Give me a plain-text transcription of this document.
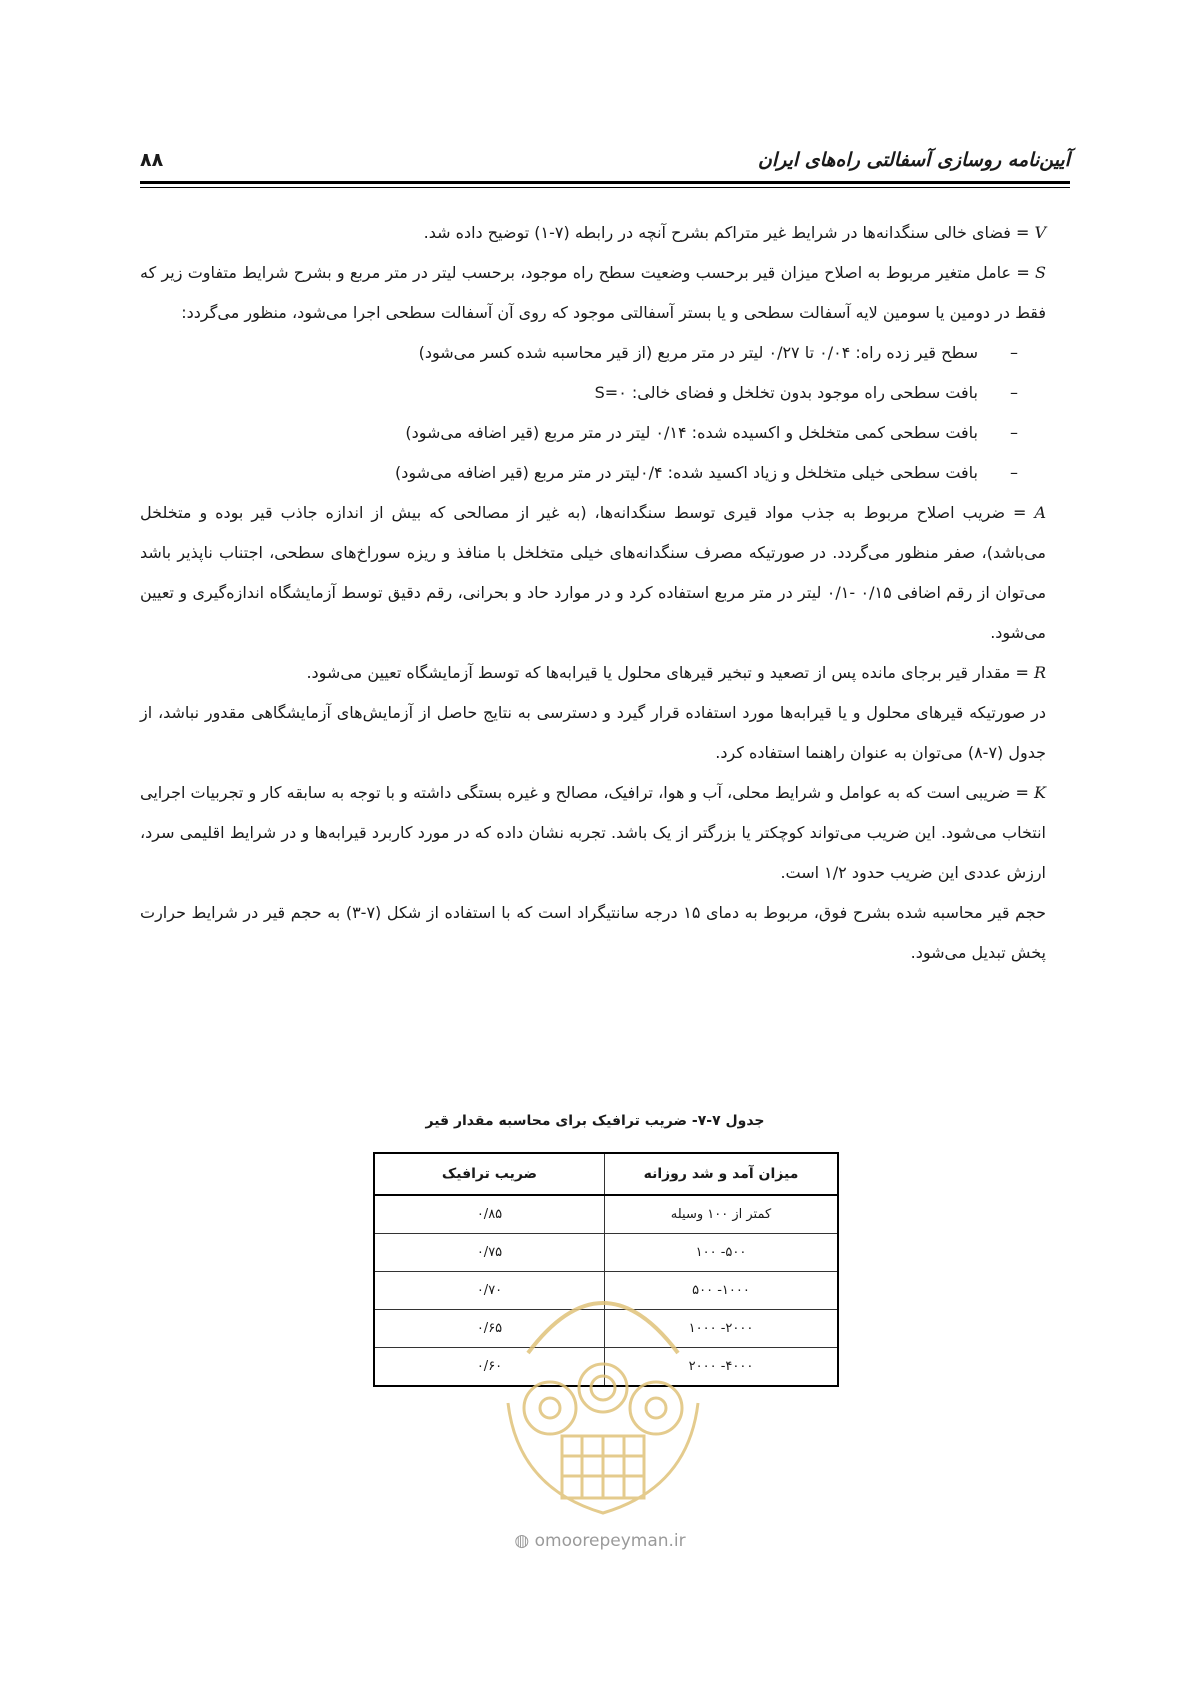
آیین‌نامه روسازی آسفالتی راه‌های ایران
۸۸

V = فضای خالی سنگدانه‌ها در شرایط غیر متراکم بشرح آنچه در رابطه (۷-۱) توضیح داده شد.

S = عامل متغیر مربوط به اصلاح میزان قیر برحسب وضعیت سطح راه موجود، برحسب لیتر در متر مربع و بشرح شرایط متفاوت زیر که فقط در دومین یا سومین لایه آسفالت سطحی و یا بستر آسفالتی موجود که روی آن آسفالت سطحی اجرا می‌شود، منظور می‌گردد:

–
سطح قیر زده راه: ۰/۰۴ تا ۰/۲۷ لیتر در متر مربع (از قیر محاسبه شده کسر می‌شود)

–
بافت سطحی راه موجود بدون تخلخل و فضای خالی: S=۰

–
بافت سطحی کمی متخلخل و اکسیده شده: ۰/۱۴ لیتر در متر مربع (قیر اضافه می‌شود)

–
بافت سطحی خیلی متخلخل و زیاد اکسید شده: ۰/۴لیتر در متر مربع (قیر اضافه می‌شود)

A = ضریب اصلاح مربوط به جذب مواد قیری توسط سنگدانه‌ها، (به غیر از مصالحی که بیش از اندازه جاذب قیر بوده و متخلخل می‌باشد)، صفر منظور می‌گردد. در صورتیکه مصرف سنگدانه‌های خیلی متخلخل با منافذ و ریزه سوراخ‌های سطحی، اجتناب ناپذیر باشد می‌توان از رقم اضافی ۰/۱۵ -۰/۱ لیتر در متر مربع استفاده کرد و در موارد حاد و بحرانی، رقم دقیق توسط آزمایشگاه اندازه‌گیری و تعیین می‌شود.

R = مقدار قیر برجای مانده پس از تصعید و تبخیر قیرهای محلول یا قیرابه‌ها که توسط آزمایشگاه تعیین می‌شود.

در صورتیکه قیرهای محلول و یا قیرابه‌ها مورد استفاده قرار گیرد و دسترسی به نتایج حاصل از آزمایش‌های آزمایشگاهی مقدور نباشد، از جدول (۷-۸) می‌توان به عنوان راهنما استفاده کرد.

K = ضریبی است که به عوامل و شرایط محلی، آب و هوا، ترافیک، مصالح و غیره بستگی داشته و با توجه به سابقه کار و تجربیات اجرایی انتخاب می‌شود. این ضریب می‌تواند کوچکتر یا بزرگتر از یک باشد. تجربه نشان داده که در مورد کاربرد قیرابه‌ها و در شرایط اقلیمی سرد، ارزش عددی این ضریب حدود ۱/۲ است.

حجم قیر محاسبه شده بشرح فوق، مربوط به دمای ۱۵ درجه سانتیگراد است که با استفاده از شکل (۷-۳) به حجم قیر در شرایط حرارت پخش تبدیل می‌شود.

جدول ۷-۷- ضریب ترافیک برای محاسبه مقدار قیر
میزان آمد و شد روزانه	ضریب ترافیک
کمتر از ۱۰۰ وسیله	۰/۸۵
۵۰۰- ۱۰۰	۰/۷۵
۱۰۰۰- ۵۰۰	۰/۷۰
۲۰۰۰- ۱۰۰۰	۰/۶۵
۴۰۰۰- ۲۰۰۰	۰/۶۰
◍ omoorepeyman.ir
